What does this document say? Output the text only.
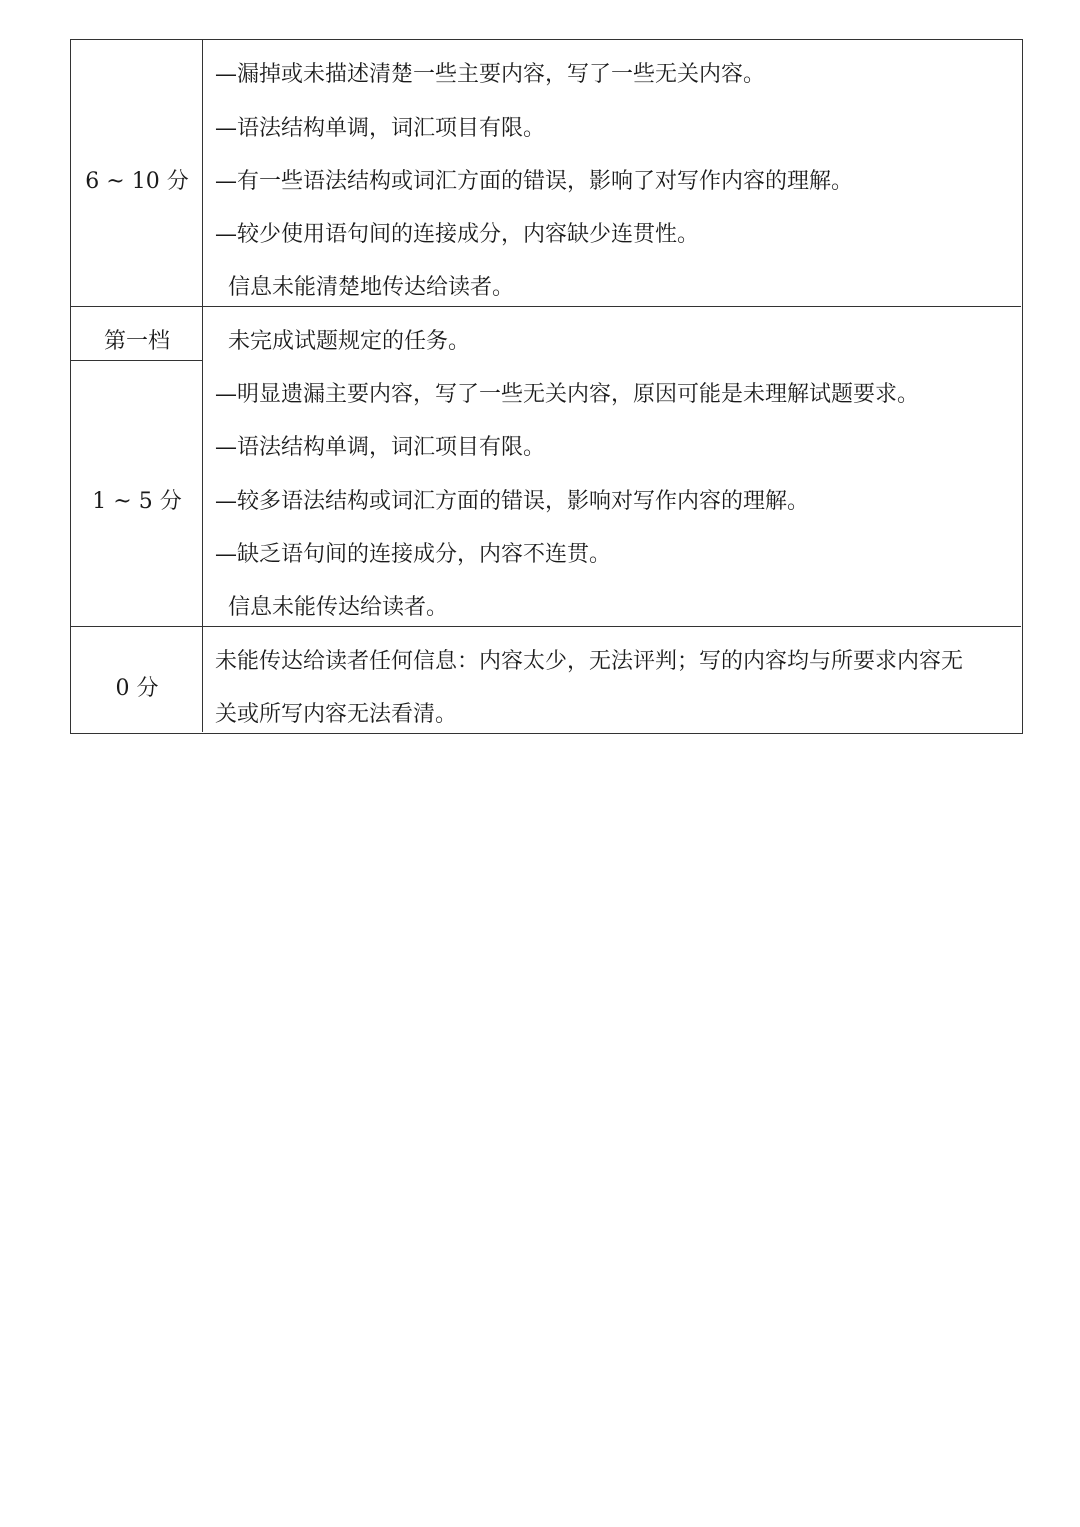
6 ~ 10 分
—漏掉或未描述清楚一些主要内容，写了一些无关内容。
—语法结构单调，词汇项目有限。
—有一些语法结构或词汇方面的错误，影响了对写作内容的理解。
—较少使用语句间的连接成分，内容缺少连贯性。
信息未能清楚地传达给读者。
第一档
1 ~ 5 分
未完成试题规定的任务。
—明显遗漏主要内容，写了一些无关内容，原因可能是未理解试题要求。
—语法结构单调，词汇项目有限。
—较多语法结构或词汇方面的错误，影响对写作内容的理解。
—缺乏语句间的连接成分，内容不连贯。
信息未能传达给读者。
0 分
未能传达给读者任何信息：内容太少，无法评判；写的内容均与所要求内容无
关或所写内容无法看清。
